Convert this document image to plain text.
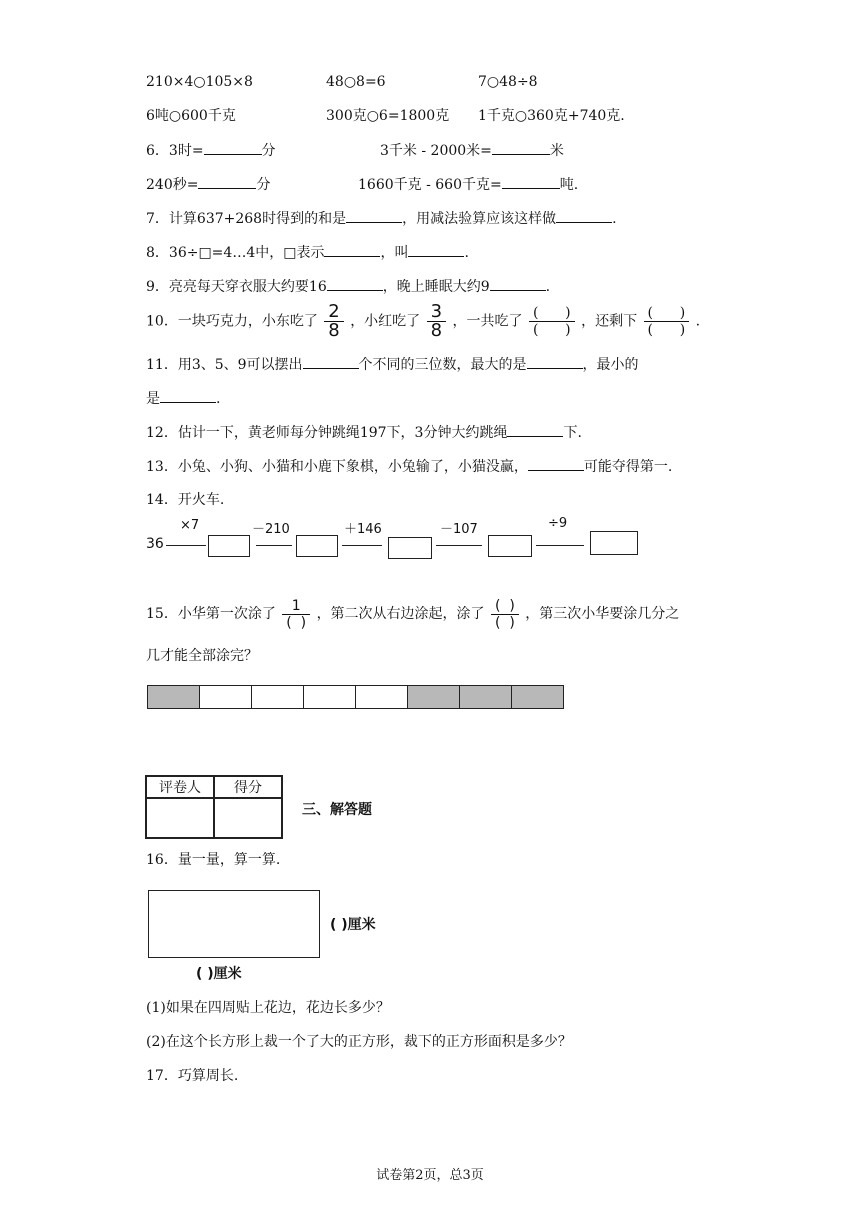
210×4○105×8	48○8=6	7○48÷8
6吨○600千克	300克○6=1800克 1千克○360克+740克.
6．3时=	分	3千米 - 2000米=	米
240秒=	分	1660千克 - 660千克=	吨.
7．计算637+268时得到的和是	，用减法验算应该这样做	.
8．36÷□=4…4中，□表示	，叫	.
9．亮亮每天穿衣服大约要16	，晚上睡眠大约9	.
10．一块巧克力，小东吃了 $\frac{2}{8}$ ，小红吃了 $\frac{3}{8}$ ，一共吃了 $\frac{( )}{( )}$ ，还剩下 $\frac{( )}{( )}$ .
11．用3、5、9可以摆出	个不同的三位数，最大的是	，最小的
是	.
12．估计一下，黄老师每分钟跳绳197下，3分钟大约跳绳	下.
13．小兔、小狗、小猫和小鹿下象棋，小兔输了，小猫没赢，	可能夺得第一.
14．开火车.
36
×7	－210	＋146	－107	÷9
15．小华第一次涂了 $\frac{1}{( )}$ ，第二次从右边涂起，涂了 $\frac{( )}{( )}$ ，第三次小华要涂几分之
几才能全部涂完？
评卷人	得分

三、解答题
16．量一量，算一算.
( )厘米
( )厘米
(1)如果在四周贴上花边，花边长多少？
(2)在这个长方形上裁一个了大的正方形，裁下的正方形面积是多少？
17．巧算周长.
试卷第2页，总3页
